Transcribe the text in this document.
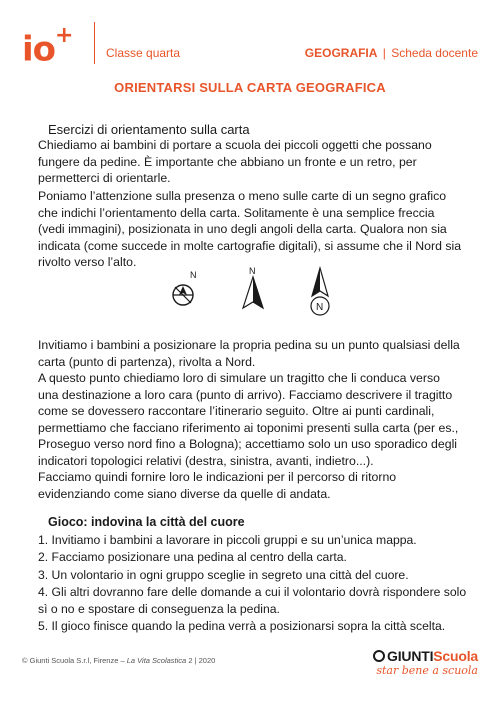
io+
Classe quarta	GEOGRAFIA | Scheda docente
ORIENTARSI SULLA CARTA GEOGRAFICA
Esercizi di orientamento sulla carta

Chiediamo ai bambini di portare a scuola dei piccoli oggetti che possano fungere da pedine. È importante che abbiano un fronte e un retro, per permetterci di orientarle.

Poniamo l’attenzione sulla presenza o meno sulle carte di un segno grafico che indichi l’orientamento della carta. Solitamente è una semplice freccia (vedi immagini), posizionata in uno degli angoli della carta. Qualora non sia indicata (come succede in molte cartografie digitali), si assume che il Nord sia rivolto verso l’alto.

N	N
N

Invitiamo i bambini a posizionare la propria pedina su un punto qualsiasi della carta (punto di partenza), rivolta a Nord.

A questo punto chiediamo loro di simulare un tragitto che li conduca verso una destinazione a loro cara (punto di arrivo). Facciamo descrivere il tragitto come se dovessero raccontare l’itinerario seguito. Oltre ai punti cardinali, permettiamo che facciano riferimento ai toponimi presenti sulla carta (per es., Proseguo verso nord fino a Bologna); accettiamo solo un uso sporadico degli indicatori topologici relativi (destra, sinistra, avanti, indietro...).

Facciamo quindi fornire loro le indicazioni per il percorso di ritorno evidenziando come siano diverse da quelle di andata.

Gioco: indovina la città del cuore
1. Invitiamo i bambini a lavorare in piccoli gruppi e su un’unica mappa.
2. Facciamo posizionare una pedina al centro della carta.
3. Un volontario in ogni gruppo sceglie in segreto una città del cuore.
4. Gli altri dovranno fare delle domande a cui il volontario dovrà rispondere solo sì o no e spostare di conseguenza la pedina.
5. Il gioco finisce quando la pedina verrà a posizionarsi sopra la città scelta.
© Giunti Scuola S.r.l, Firenze – La Vita Scolastica 2 | 2020	GIUNTIScuola
star bene a scuola
